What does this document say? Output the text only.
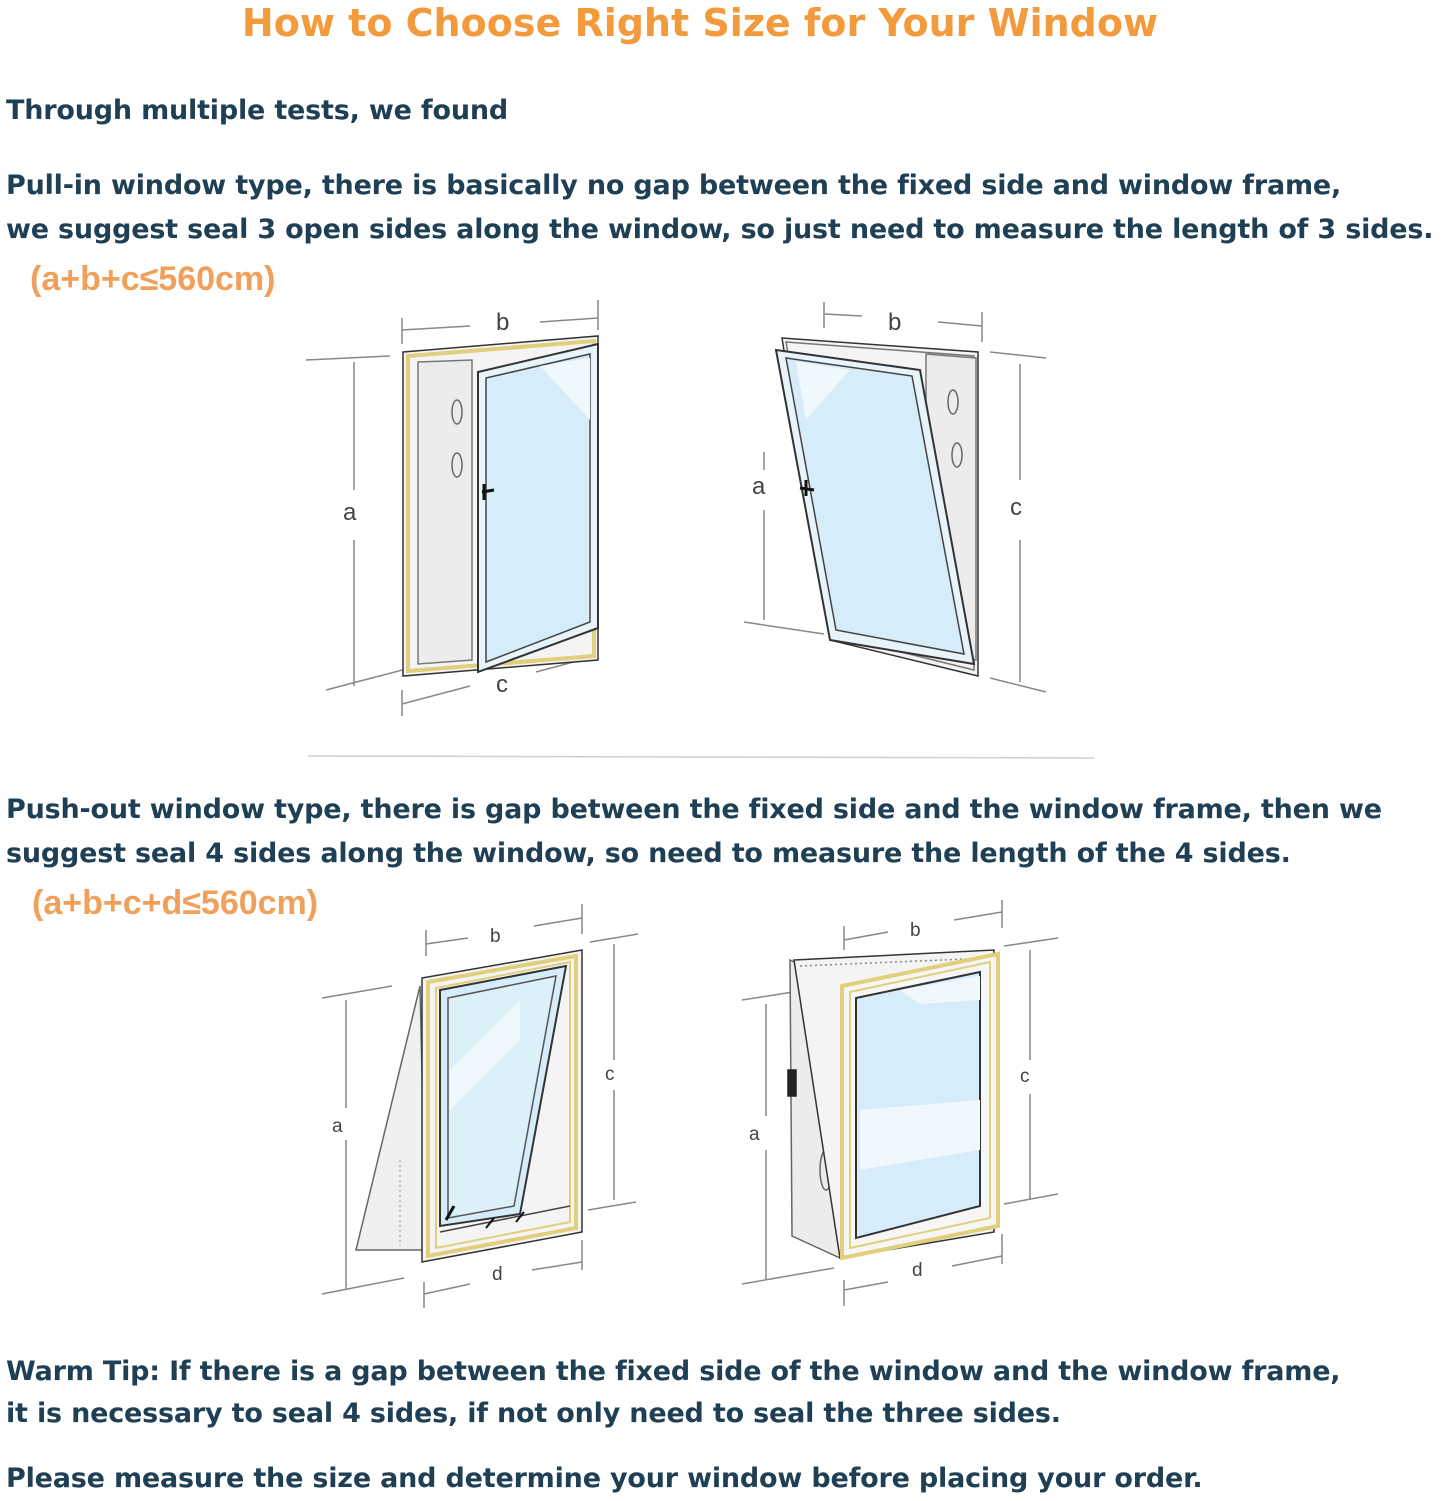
How to Choose Right Size for Your Window
Through multiple tests, we found
Pull-in window type, there is basically no gap between the fixed side and window frame,
we suggest seal 3 open sides along the window, so just need to measure the length of 3 sides.
(a+b+c≤560cm)
Push-out window type, there is gap between the fixed side and the window frame, then we
suggest seal 4 sides along the window, so need to measure the length of the 4 sides.
(a+b+c+d≤560cm)
Warm Tip: If there is a gap between the fixed side of the window and the window frame,
it is necessary to seal 4 sides, if not only need to seal the three sides.
Please measure the size and determine your window before placing your order.
b
a
c
b
a
c
b
a
c
d
b
a
c
d
